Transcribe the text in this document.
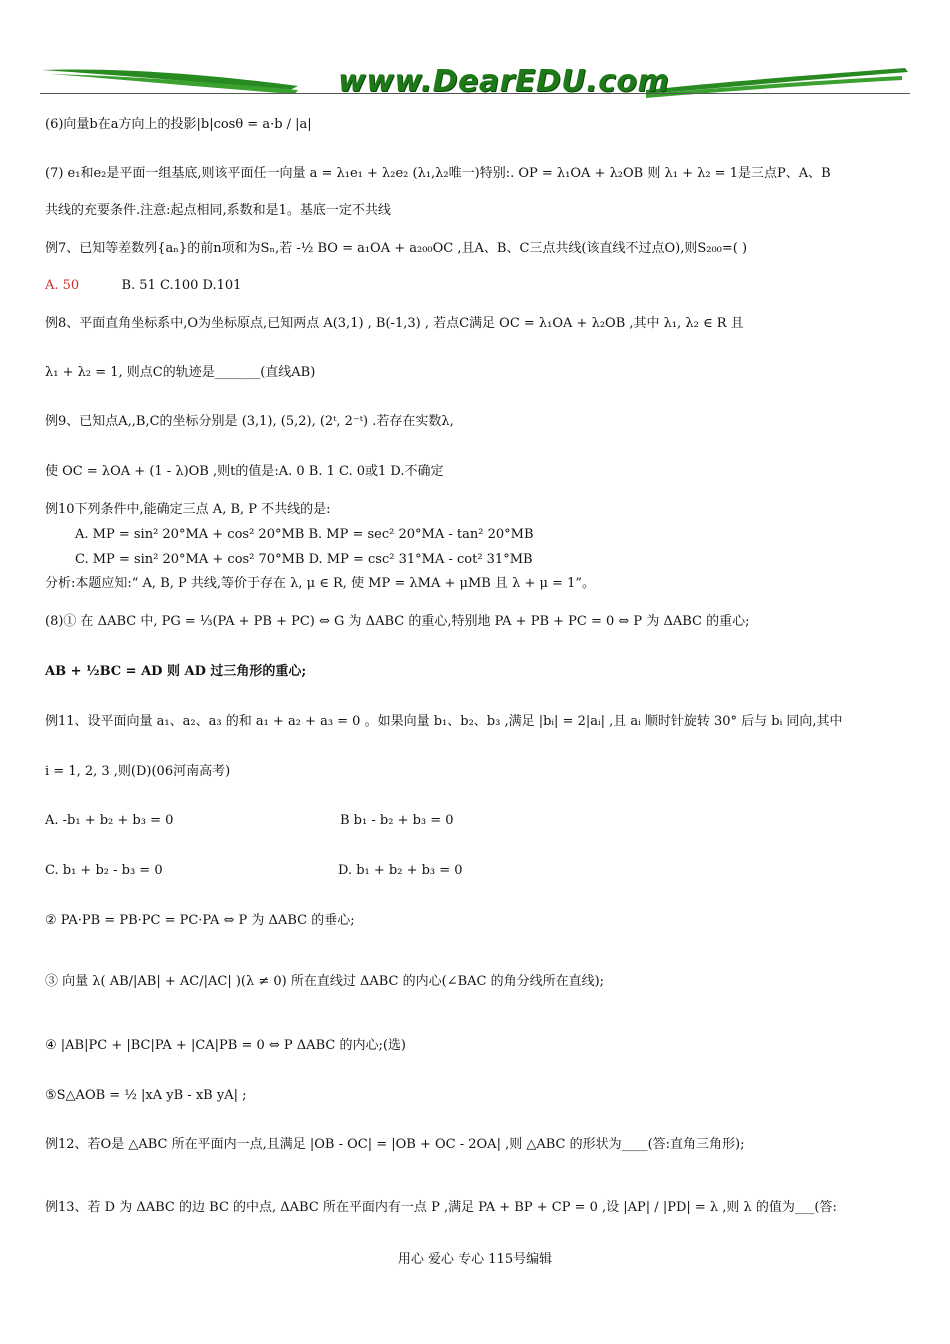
www.DearEDU.com
(6)向量b在a方向上的投影|b|cosθ = a·b / |a|
(7) e₁和e₂是平面一组基底,则该平面任一向量 a = λ₁e₁ + λ₂e₂ (λ₁,λ₂唯一)特别:. OP = λ₁OA + λ₂OB 则 λ₁ + λ₂ = 1是三点P、A、B
共线的充要条件.注意:起点相同,系数和是1。基底一定不共线
例7、已知等差数列{aₙ}的前n项和为Sₙ,若 -½ BO = a₁OA + a₂₀₀OC ,且A、B、C三点共线(该直线不过点O),则S₂₀₀=( )
A. 50	B. 51 C.100 D.101
例8、平面直角坐标系中,O为坐标原点,已知两点 A(3,1) , B(-1,3) , 若点C满足 OC = λ₁OA + λ₂OB ,其中 λ₁, λ₂ ∈ R 且
λ₁ + λ₂ = 1, 则点C的轨迹是_______(直线AB)
例9、已知点A,,B,C的坐标分别是 (3,1), (5,2), (2ᵗ, 2⁻ᵗ) .若存在实数λ,
使 OC = λOA + (1 - λ)OB ,则t的值是:A. 0 B. 1 C. 0或1 D.不确定
例10下列条件中,能确定三点 A, B, P 不共线的是:
A. MP = sin² 20°MA + cos² 20°MB B. MP = sec² 20°MA - tan² 20°MB
C. MP = sin² 20°MA + cos² 70°MB D. MP = csc² 31°MA - cot² 31°MB
分析:本题应知:“ A, B, P 共线,等价于存在 λ, μ ∈ R, 使 MP = λMA + μMB 且 λ + μ = 1”。
(8)① 在 ΔABC 中, PG = ⅓(PA + PB + PC) ⇔ G 为 ΔABC 的重心,特别地 PA + PB + PC = 0 ⇔ P 为 ΔABC 的重心;
AB + ½BC = AD 则 AD 过三角形的重心;
例11、设平面向量 a₁、a₂、a₃ 的和 a₁ + a₂ + a₃ = 0 。如果向量 b₁、b₂、b₃ ,满足 |bᵢ| = 2|aᵢ| ,且 aᵢ 顺时针旋转 30° 后与 bᵢ 同向,其中
i = 1, 2, 3 ,则(D)(06河南高考)
A. -b₁ + b₂ + b₃ = 0	B b₁ - b₂ + b₃ = 0
C. b₁ + b₂ - b₃ = 0	D. b₁ + b₂ + b₃ = 0
② PA·PB = PB·PC = PC·PA ⇔ P 为 ΔABC 的垂心;
③ 向量 λ( AB/|AB| + AC/|AC| )(λ ≠ 0) 所在直线过 ΔABC 的内心(∠BAC 的角分线所在直线);
④ |AB|PC + |BC|PA + |CA|PB = 0 ⇔ P ΔABC 的内心;(选)
⑤S△AOB = ½ |xA yB - xB yA| ;
例12、若O是 △ABC 所在平面内一点,且满足 |OB - OC| = |OB + OC - 2OA| ,则 △ABC 的形状为____(答:直角三角形);
例13、若 D 为 ΔABC 的边 BC 的中点, ΔABC 所在平面内有一点 P ,满足 PA + BP + CP = 0 ,设 |AP| / |PD| = λ ,则 λ 的值为___(答:
用心 爱心 专心 115号编辑
